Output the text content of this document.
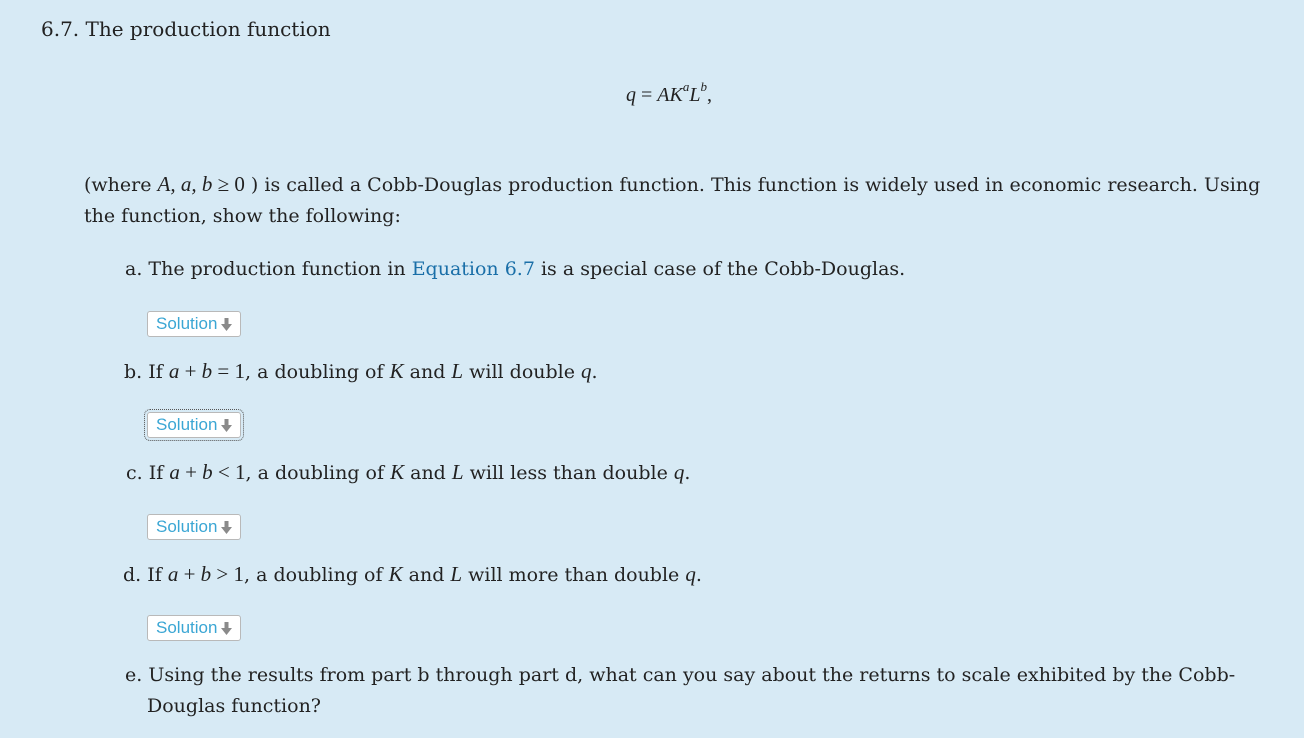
6.7. The production function
$q = AK^aL^b$,
(where A, a, b ≥ 0 ) is called a Cobb-Douglas production function. This function is widely used in economic research. Using the function, show the following:
a. The production function in Equation 6.7 is a special case of the Cobb-Douglas.
Solution
b. If a + b = 1, a doubling of K and L will double q.
Solution
c. If a + b < 1, a doubling of K and L will less than double q.
Solution
d. If a + b > 1, a doubling of K and L will more than double q.
Solution
e. Using the results from part b through part d, what can you say about the returns to scale exhibited by the Cobb-Douglas function?
